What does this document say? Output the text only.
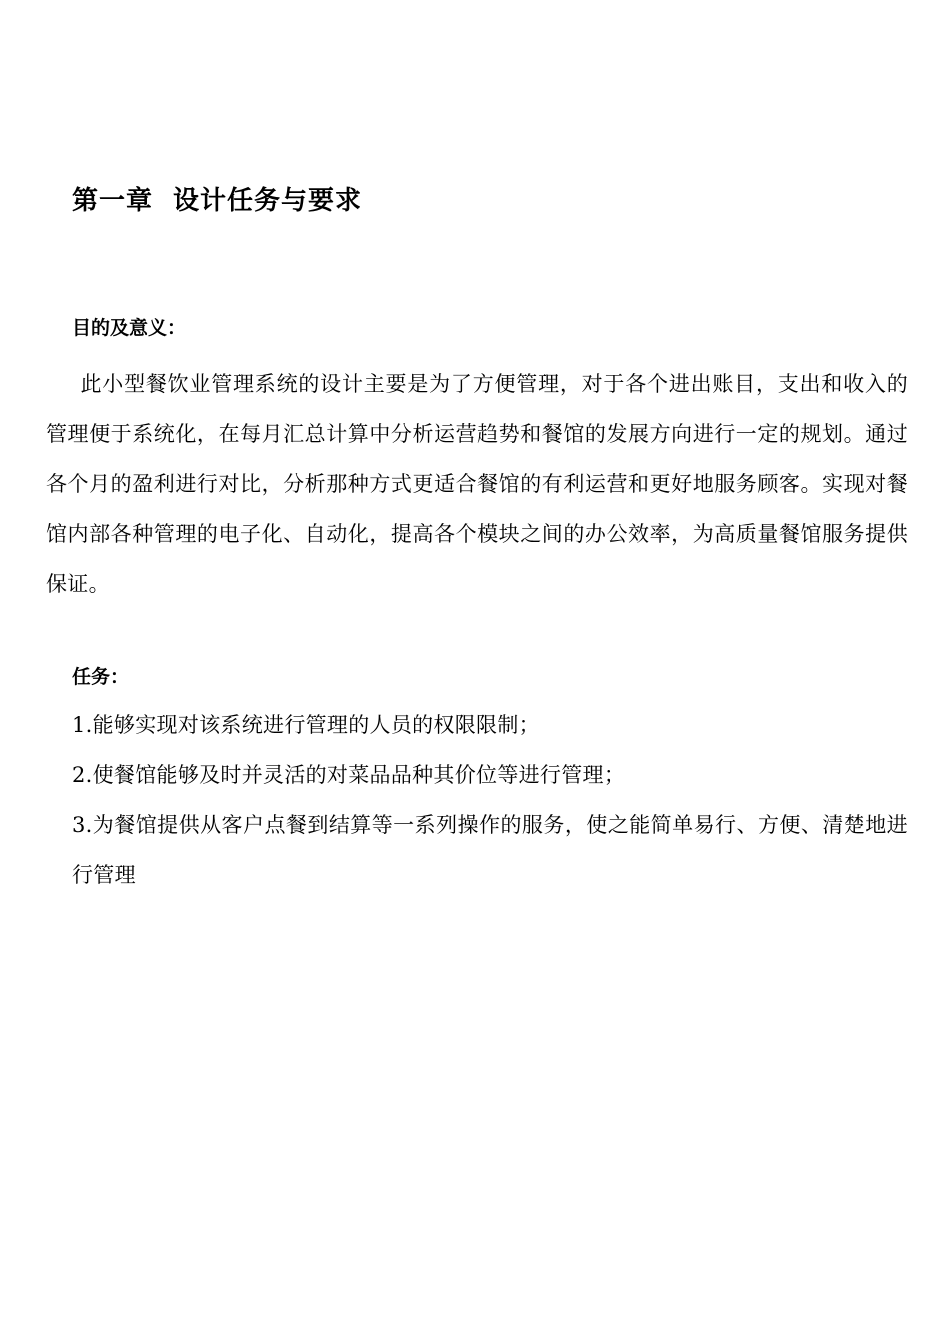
第一章 设计任务与要求
目的及意义：
此小型餐饮业管理系统的设计主要是为了方便管理，对于各个进出账目，支出和收入的管理便于系统化，在每月汇总计算中分析运营趋势和餐馆的发展方向进行一定的规划。通过各个月的盈利进行对比，分析那种方式更适合餐馆的有利运营和更好地服务顾客。实现对餐馆内部各种管理的电子化、自动化，提高各个模块之间的办公效率，为高质量餐馆服务提供保证。
任务：
1.能够实现对该系统进行管理的人员的权限限制；
2.使餐馆能够及时并灵活的对菜品品种其价位等进行管理；
3.为餐馆提供从客户点餐到结算等一系列操作的服务，使之能简单易行、方便、清楚地进行管理
